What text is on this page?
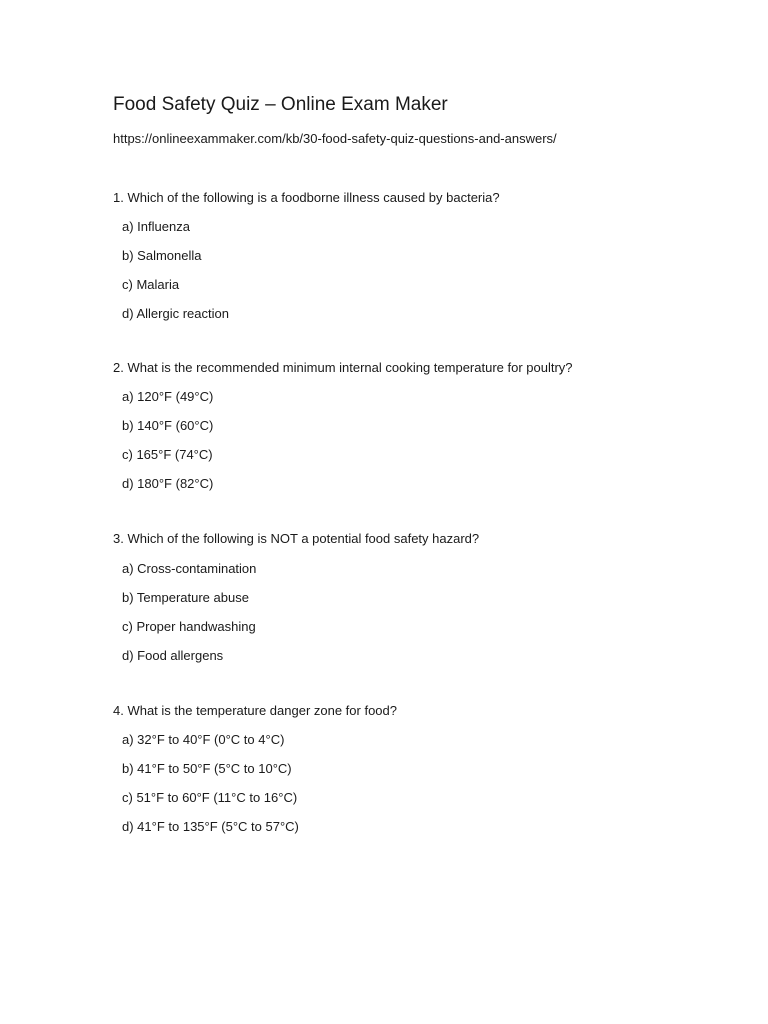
Food Safety Quiz – Online Exam Maker
https://onlineexammaker.com/kb/30-food-safety-quiz-questions-and-answers/
1. Which of the following is a foodborne illness caused by bacteria?
a) Influenza
b) Salmonella
c) Malaria
d) Allergic reaction
2. What is the recommended minimum internal cooking temperature for poultry?
a) 120°F (49°C)
b) 140°F (60°C)
c) 165°F (74°C)
d) 180°F (82°C)
3. Which of the following is NOT a potential food safety hazard?
a) Cross-contamination
b) Temperature abuse
c) Proper handwashing
d) Food allergens
4. What is the temperature danger zone for food?
a) 32°F to 40°F (0°C to 4°C)
b) 41°F to 50°F (5°C to 10°C)
c) 51°F to 60°F (11°C to 16°C)
d) 41°F to 135°F (5°C to 57°C)
